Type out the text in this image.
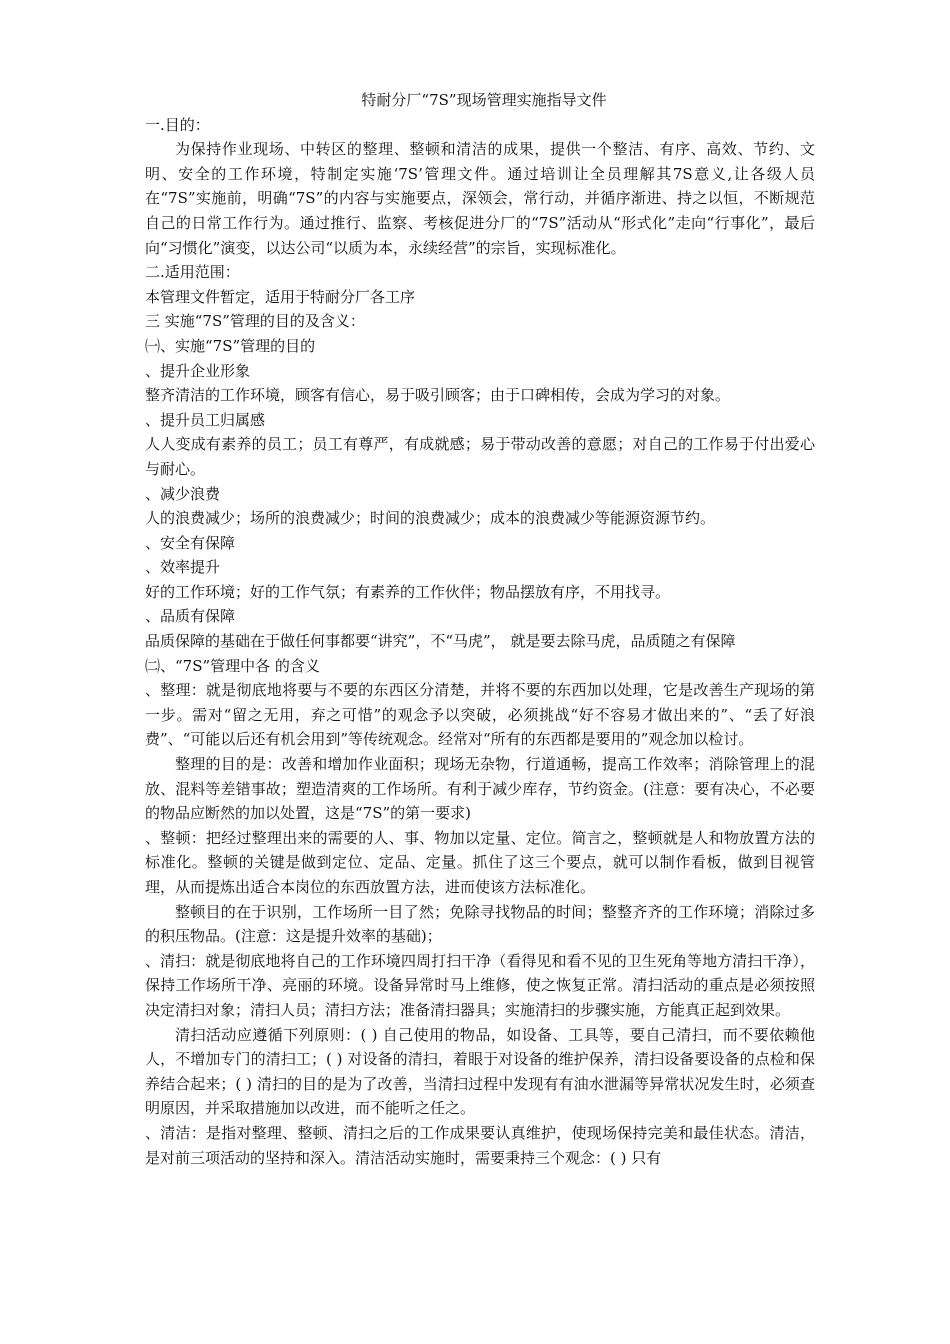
特耐分厂“7S”现场管理实施指导文件

一.目的：

为保持作业现场、中转区的整理、整顿和清洁的成果，提供一个整洁、有序、高效、节约、文明、安全的工作环境，特制定实施‘7S’管理文件。通过培训让全员理解其7S意义,让各级人员在“7S”实施前，明确“7S”的内容与实施要点，深领会，常行动，并循序渐进、持之以恒，不断规范自己的日常工作行为。通过推行、监察、考核促进分厂的“7S”活动从“形式化”走向“行事化”，最后向“习惯化”演变，以达公司“以质为本，永续经营”的宗旨，实现标准化。

二.适用范围：

本管理文件暂定，适用于特耐分厂各工序

三 实施“7S”管理的目的及含义：

㈠、实施“7S”管理的目的

、提升企业形象

整齐清洁的工作环境，顾客有信心，易于吸引顾客；由于口碑相传，会成为学习的对象。

、提升员工归属感

人人变成有素养的员工；员工有尊严，有成就感；易于带动改善的意愿；对自己的工作易于付出爱心与耐心。

、减少浪费

人的浪费减少；场所的浪费减少；时间的浪费减少；成本的浪费减少等能源资源节约。

、安全有保障

、效率提升

好的工作环境；好的工作气氛；有素养的工作伙伴；物品摆放有序，不用找寻。

、品质有保障

品质保障的基础在于做任何事都要“讲究”，不“马虎”， 就是要去除马虎，品质随之有保障

㈡、“7S”管理中各 的含义

、整理：就是彻底地将要与不要的东西区分清楚，并将不要的东西加以处理，它是改善生产现场的第一步。需对“留之无用，弃之可惜”的观念予以突破，必须挑战“好不容易才做出来的”、“丢了好浪费”、“可能以后还有机会用到”等传统观念。经常对“所有的东西都是要用的”观念加以检讨。

整理的目的是：改善和增加作业面积；现场无杂物，行道通畅，提高工作效率；消除管理上的混放、混料等差错事故；塑造清爽的工作场所。有利于减少库存，节约资金。(注意：要有决心，不必要的物品应断然的加以处置，这是“7S”的第一要求)

、整顿：把经过整理出来的需要的人、事、物加以定量、定位。简言之，整顿就是人和物放置方法的标准化。整顿的关键是做到定位、定品、定量。抓住了这三个要点，就可以制作看板，做到目视管理，从而提炼出适合本岗位的东西放置方法，进而使该方法标准化。

整顿目的在于识别，工作场所一目了然；免除寻找物品的时间；整整齐齐的工作环境；消除过多的积压物品。(注意：这是提升效率的基础)；

、清扫：就是彻底地将自己的工作环境四周打扫干净（看得见和看不见的卫生死角等地方清扫干净），保持工作场所干净、亮丽的环境。设备异常时马上维修，使之恢复正常。清扫活动的重点是必须按照决定清扫对象；清扫人员；清扫方法；准备清扫器具；实施清扫的步骤实施，方能真正起到效果。

清扫活动应遵循下列原则：( ) 自己使用的物品，如设备、工具等，要自己清扫，而不要依赖他人，不增加专门的清扫工；( ) 对设备的清扫，着眼于对设备的维护保养，清扫设备要设备的点检和保养结合起来；( ) 清扫的目的是为了改善，当清扫过程中发现有有油水泄漏等异常状况发生时，必须查明原因，并采取措施加以改进，而不能听之任之。

、清洁：是指对整理、整顿、清扫之后的工作成果要认真维护，使现场保持完美和最佳状态。清洁，是对前三项活动的坚持和深入。清洁活动实施时，需要秉持三个观念：( ) 只有
